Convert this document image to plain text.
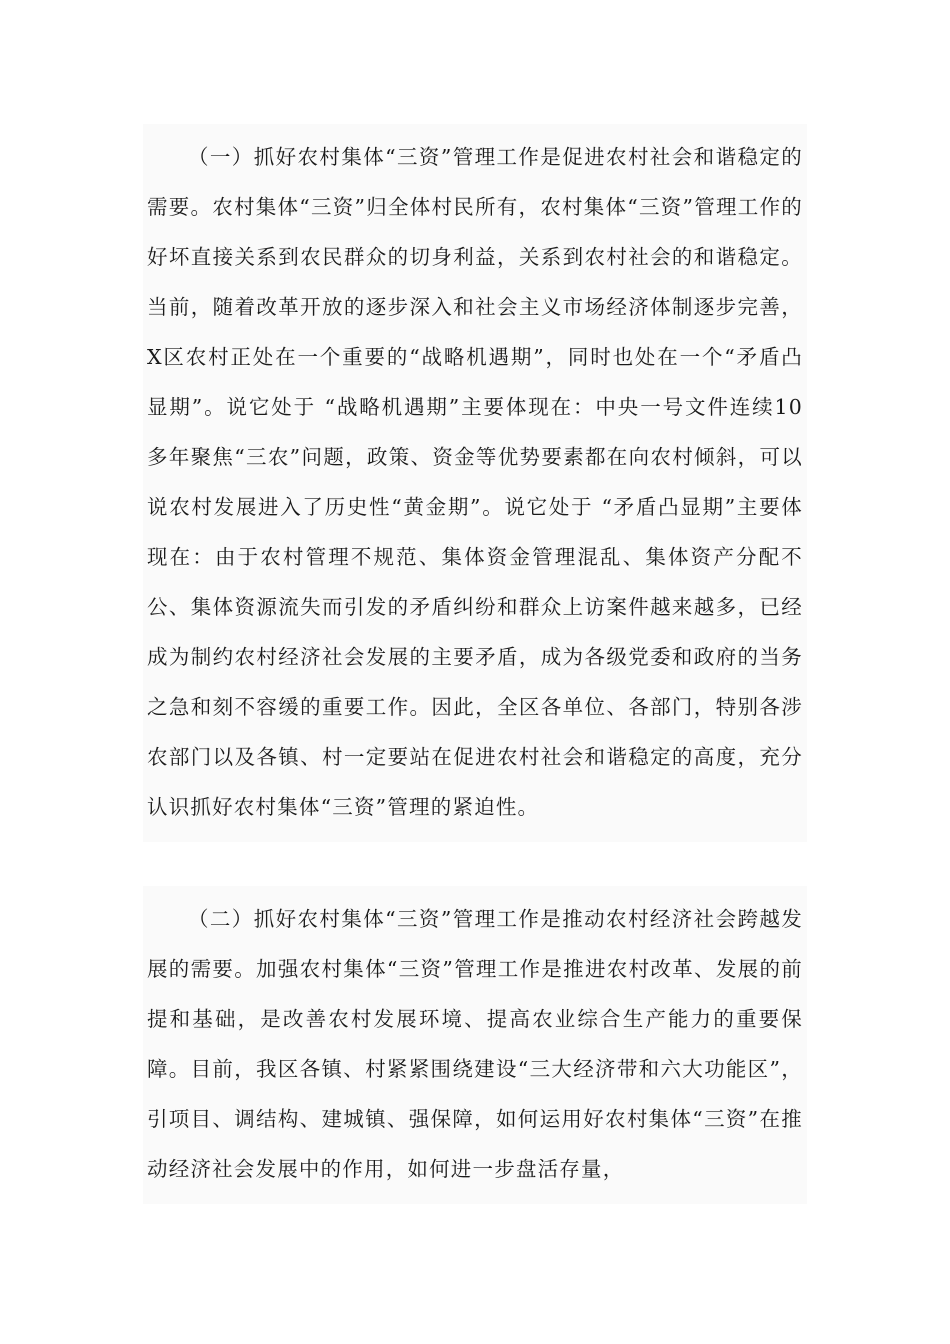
（一）抓好农村集体“三资”管理工作是促进农村社会和谐稳定的需要。农村集体“三资”归全体村民所有，农村集体“三资”管理工作的好坏直接关系到农民群众的切身利益，关系到农村社会的和谐稳定。当前，随着改革开放的逐步深入和社会主义市场经济体制逐步完善，X区农村正处在一个重要的“战略机遇期”，同时也处在一个“矛盾凸显期”。说它处于 “战略机遇期”主要体现在：中央一号文件连续10多年聚焦“三农”问题，政策、资金等优势要素都在向农村倾斜，可以说农村发展进入了历史性“黄金期”。说它处于 “矛盾凸显期”主要体现在：由于农村管理不规范、集体资金管理混乱、集体资产分配不公、集体资源流失而引发的矛盾纠纷和群众上访案件越来越多，已经成为制约农村经济社会发展的主要矛盾，成为各级党委和政府的当务之急和刻不容缓的重要工作。因此，全区各单位、各部门，特别各涉农部门以及各镇、村一定要站在促进农村社会和谐稳定的高度，充分认识抓好农村集体“三资”管理的紧迫性。

（二）抓好农村集体“三资”管理工作是推动农村经济社会跨越发展的需要。加强农村集体“三资”管理工作是推进农村改革、发展的前提和基础，是改善农村发展环境、提高农业综合生产能力的重要保障。目前，我区各镇、村紧紧围绕建设“三大经济带和六大功能区”，引项目、调结构、建城镇、强保障，如何运用好农村集体“三资”在推动经济社会发展中的作用，如何进一步盘活存量，
